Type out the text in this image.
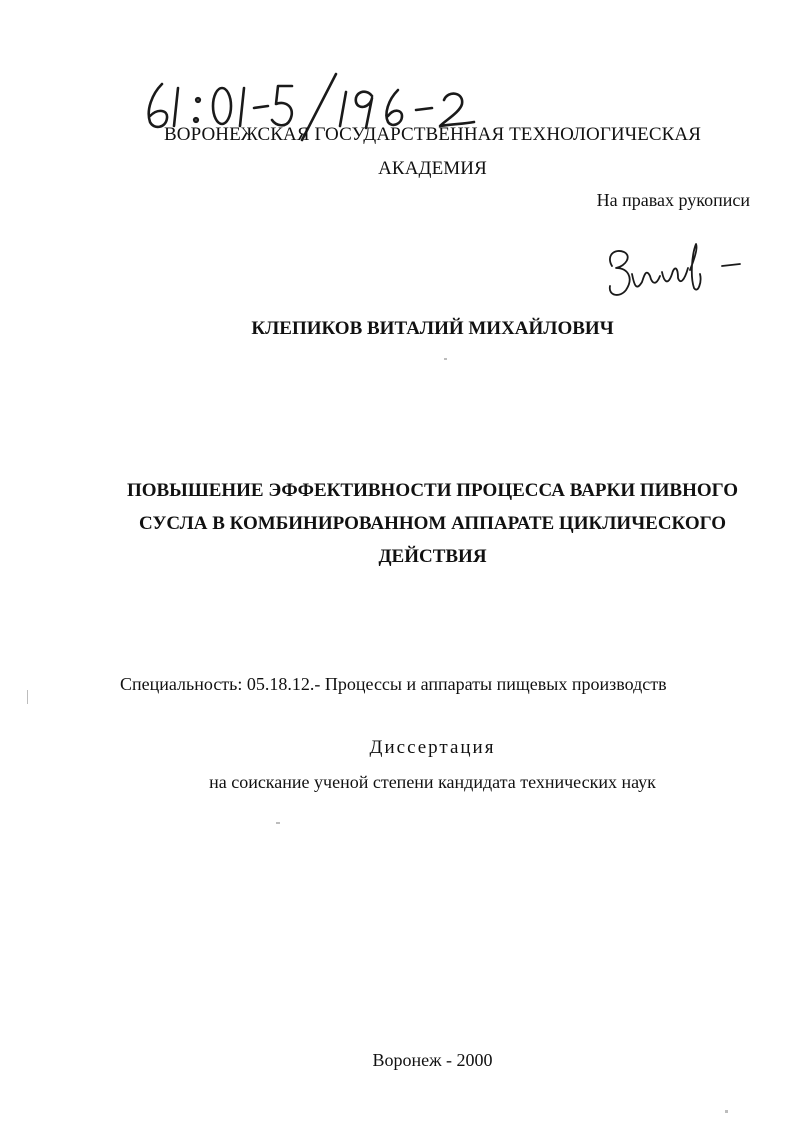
61 : 01-5 / 196 - 2
ВОРОНЕЖСКАЯ ГОСУДАРСТВЕННАЯ ТЕХНОЛОГИЧЕСКАЯ
АКАДЕМИЯ
На правах рукописи
КЛЕПИКОВ ВИТАЛИЙ МИХАЙЛОВИЧ
ПОВЫШЕНИЕ ЭФФЕКТИВНОСТИ ПРОЦЕССА ВАРКИ ПИВНОГО
СУСЛА В КОМБИНИРОВАННОМ АППАРАТЕ ЦИКЛИЧЕСКОГО
ДЕЙСТВИЯ
Специальность: 05.18.12.- Процессы и аппараты пищевых производств
Диссертация
на соискание ученой степени кандидата технических наук
Воронеж - 2000
